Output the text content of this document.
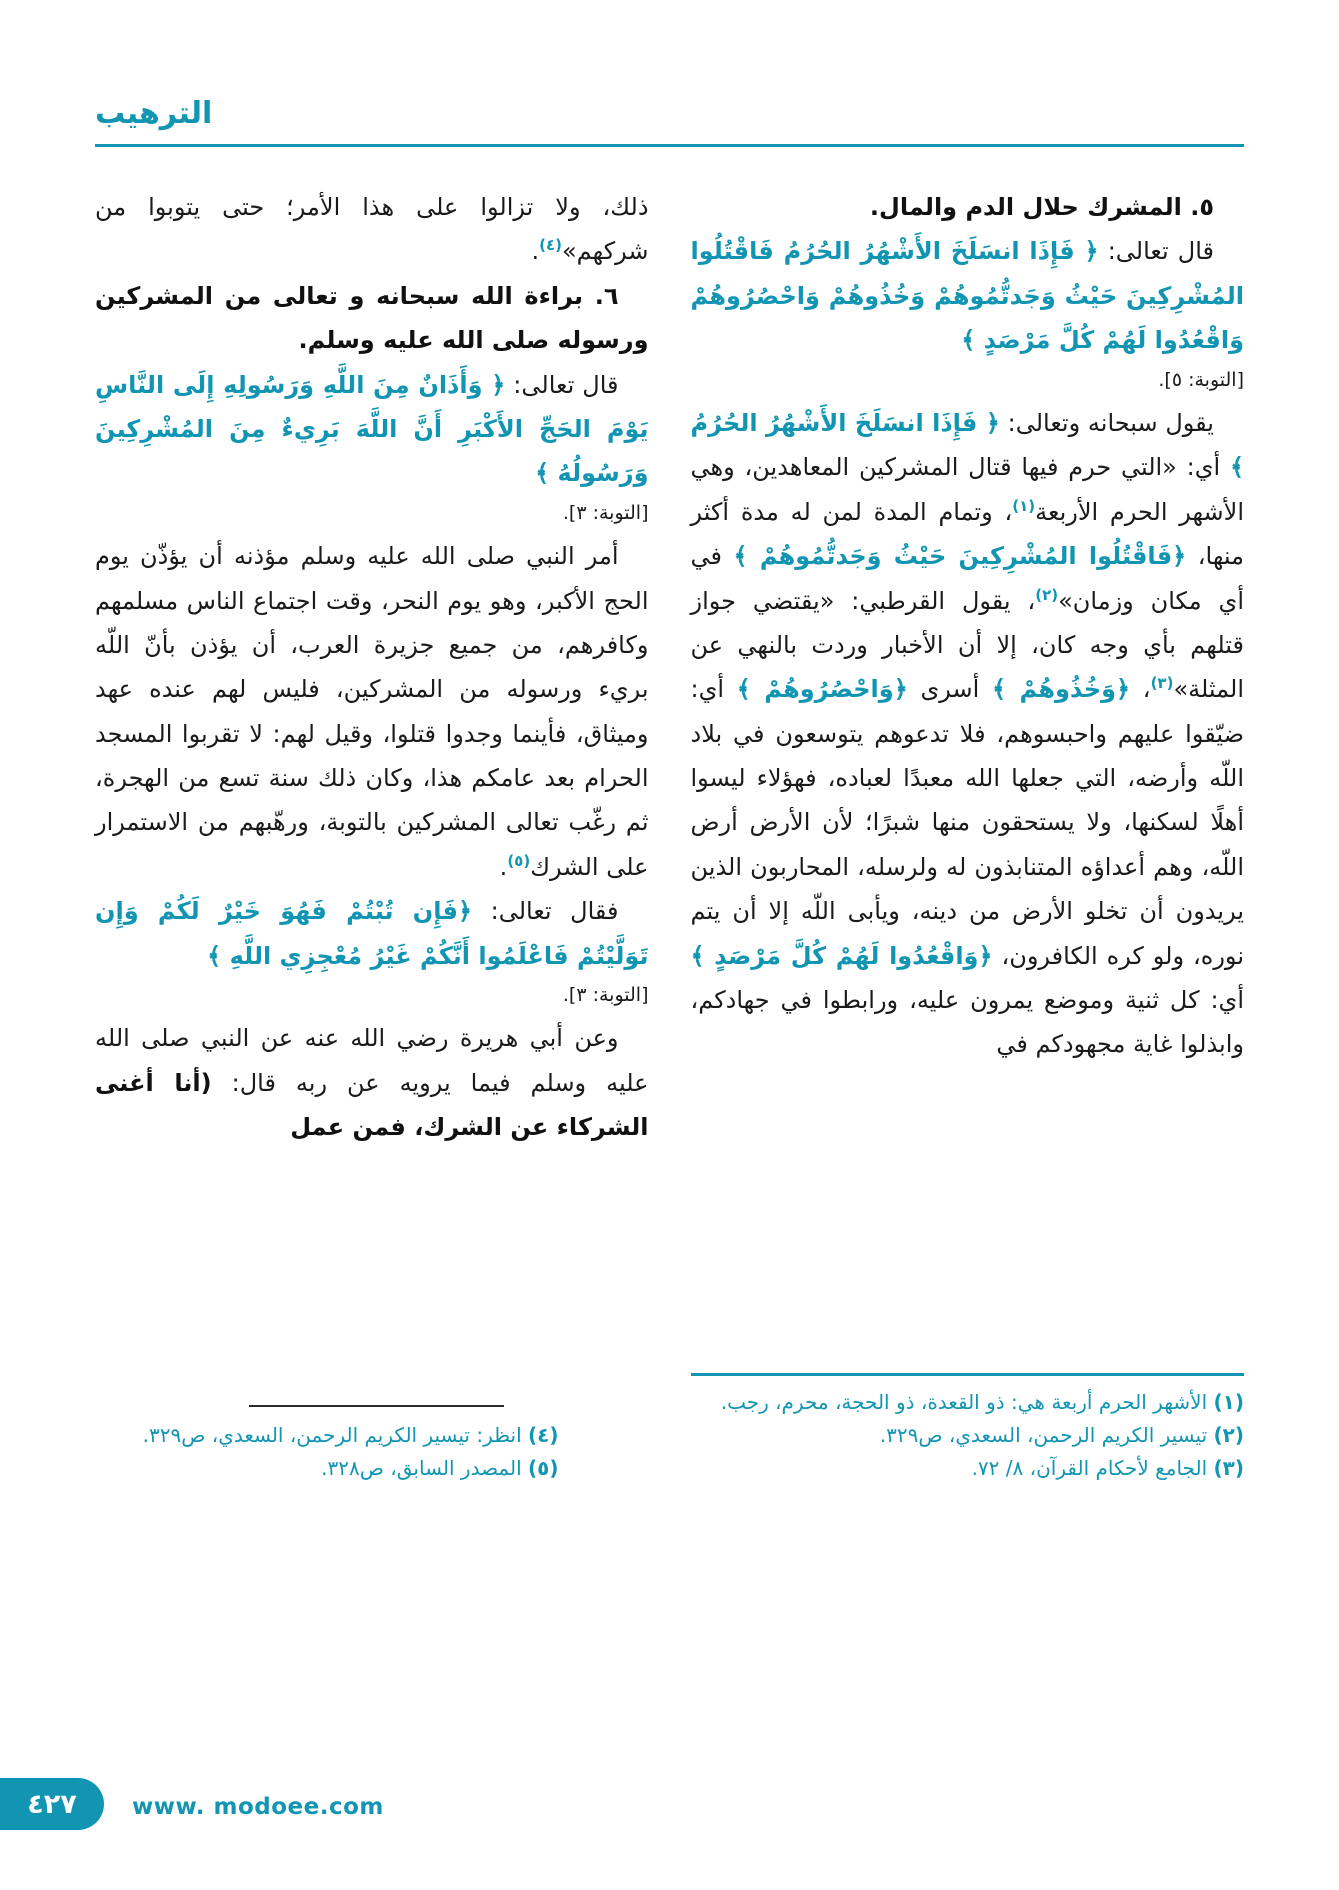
الترهيب

٥. المشرك حلال الدم والمال.

قال تعالى: ﴿ فَإِذَا انسَلَخَ الأَشْهُرُ الحُرُمُ فَاقْتُلُوا المُشْرِكِينَ حَيْثُ وَجَدتُّمُوهُمْ وَخُذُوهُمْ وَاحْصُرُوهُمْ وَاقْعُدُوا لَهُمْ كُلَّ مَرْصَدٍ ﴾

[التوبة: ٥].

يقول سبحانه وتعالى: ﴿ فَإِذَا انسَلَخَ الأَشْهُرُ الحُرُمُ ﴾ أي: «التي حرم فيها قتال المشركين المعاهدين، وهي الأشهر الحرم الأربعة$^{(١)}$، وتمام المدة لمن له مدة أكثر منها، ﴿فَاقْتُلُوا المُشْرِكِينَ حَيْثُ وَجَدتُّمُوهُمْ ﴾ في أي مكان وزمان»$^{(٢)}$، يقول القرطبي: «يقتضي جواز قتلهم بأي وجه كان، إلا أن الأخبار وردت بالنهي عن المثلة»$^{(٣)}$، ﴿وَخُذُوهُمْ ﴾ أسرى ﴿وَاحْصُرُوهُمْ ﴾ أي: ضيّقوا عليهم واحبسوهم، فلا تدعوهم يتوسعون في بلاد اللّه وأرضه، التي جعلها الله معبدًا لعباده، فهؤلاء ليسوا أهلًا لسكنها، ولا يستحقون منها شبرًا؛ لأن الأرض أرض اللّه، وهم أعداؤه المتنابذون له ولرسله، المحاربون الذين يريدون أن تخلو الأرض من دينه، ويأبى اللّه إلا أن يتم نوره، ولو كره الكافرون، ﴿وَاقْعُدُوا لَهُمْ كُلَّ مَرْصَدٍ ﴾ أي: كل ثنية وموضع يمرون عليه، ورابطوا في جهادكم، وابذلوا غاية مجهودكم في

(١) الأشهر الحرم أربعة هي: ذو القعدة، ذو الحجة، محرم، رجب.
(٢) تيسير الكريم الرحمن، السعدي، ص٣٢٩.
(٣) الجامع لأحكام القرآن، ٨/ ٧٢.

ذلك، ولا تزالوا على هذا الأمر؛ حتى يتوبوا من شركهم»$^{(٤)}$.

٦. براءة الله سبحانه و تعالى من المشركين ورسوله صلى الله عليه وسلم.

قال تعالى: ﴿ وَأَذَانٌ مِنَ اللَّهِ وَرَسُولِهِ إِلَى النَّاسِ يَوْمَ الحَجِّ الأَكْبَرِ أَنَّ اللَّهَ بَرِيءٌ مِنَ المُشْرِكِينَ وَرَسُولُهُ ﴾

[التوبة: ٣].

أمر النبي صلى الله عليه وسلم مؤذنه أن يؤذّن يوم الحج الأكبر، وهو يوم النحر، وقت اجتماع الناس مسلمهم وكافرهم، من جميع جزيرة العرب، أن يؤذن بأنّ اللّه بريء ورسوله من المشركين، فليس لهم عنده عهد وميثاق، فأينما وجدوا قتلوا، وقيل لهم: لا تقربوا المسجد الحرام بعد عامكم هذا، وكان ذلك سنة تسع من الهجرة، ثم رغّب تعالى المشركين بالتوبة، ورهّبهم من الاستمرار على الشرك$^{(٥)}$.

فقال تعالى: ﴿فَإِن تُبْتُمْ فَهُوَ خَيْرٌ لَكُمْ وَإِن تَوَلَّيْتُمْ فَاعْلَمُوا أَنَّكُمْ غَيْرُ مُعْجِزِي اللَّهِ ﴾

[التوبة: ٣].

وعن أبي هريرة رضي الله عنه عن النبي صلى الله عليه وسلم فيما يرويه عن ربه قال: (أنا أغنى الشركاء عن الشرك، فمن عمل

(٤) انظر: تيسير الكريم الرحمن، السعدي، ص٣٢٩.
(٥) المصدر السابق، ص٣٢٨.
٤٢٧ www. modoee.com
